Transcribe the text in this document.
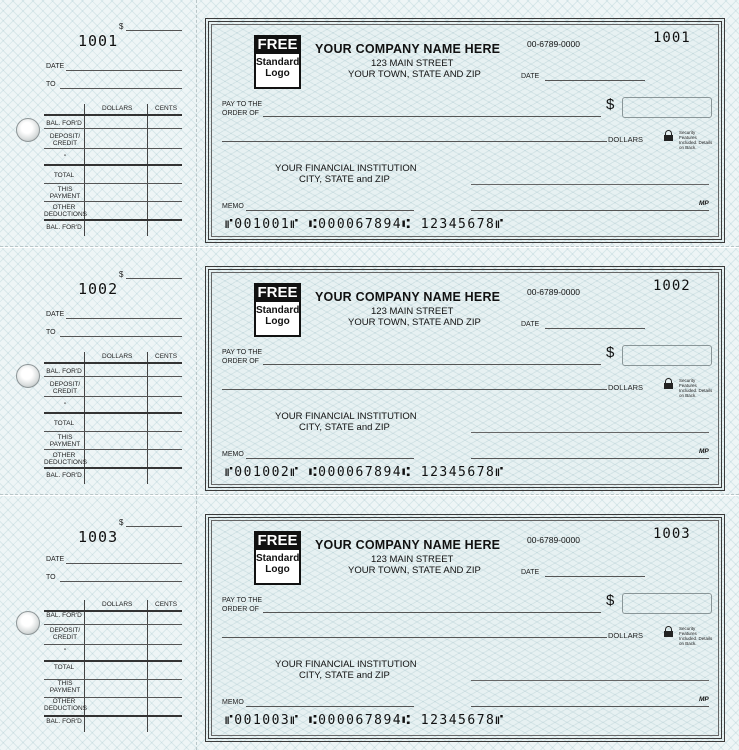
$
1001
DATE
TO
DOLLARS	CENTS
BAL. FOR'D
DEPOSIT/ CREDIT
"
TOTAL
THIS PAYMENT
OTHER DEDUCTIONS
BAL. FOR'D
FREE
Standard Logo
YOUR COMPANY NAME HERE
123 MAIN STREET
YOUR TOWN, STATE AND ZIP
00-6789-0000	1001
DATE
PAY TO THE ORDER OF
$
DOLLARS
Security Features Included. Details on Back.
YOUR FINANCIAL INSTITUTION
CITY, STATE and ZIP
MEMO	MP
⑈001001⑈ ⑆000067894⑆ 12345678⑈
$
1002
DATE
TO
DOLLARS	CENTS
BAL. FOR'D
DEPOSIT/ CREDIT
"
TOTAL
THIS PAYMENT
OTHER DEDUCTIONS
BAL. FOR'D
FREE
Standard Logo
YOUR COMPANY NAME HERE
123 MAIN STREET
YOUR TOWN, STATE AND ZIP
00-6789-0000	1002
DATE
PAY TO THE ORDER OF
$
DOLLARS
Security Features Included. Details on Back.
YOUR FINANCIAL INSTITUTION
CITY, STATE and ZIP
MEMO	MP
⑈001002⑈ ⑆000067894⑆ 12345678⑈
$
1003
DATE
TO
DOLLARS	CENTS
BAL. FOR'D
DEPOSIT/ CREDIT
"
TOTAL
THIS PAYMENT
OTHER DEDUCTIONS
BAL. FOR'D
FREE
Standard Logo
YOUR COMPANY NAME HERE
123 MAIN STREET
YOUR TOWN, STATE AND ZIP
00-6789-0000	1003
DATE
PAY TO THE ORDER OF
$
DOLLARS
Security Features Included. Details on Back.
YOUR FINANCIAL INSTITUTION
CITY, STATE and ZIP
MEMO	MP
⑈001003⑈ ⑆000067894⑆ 12345678⑈
